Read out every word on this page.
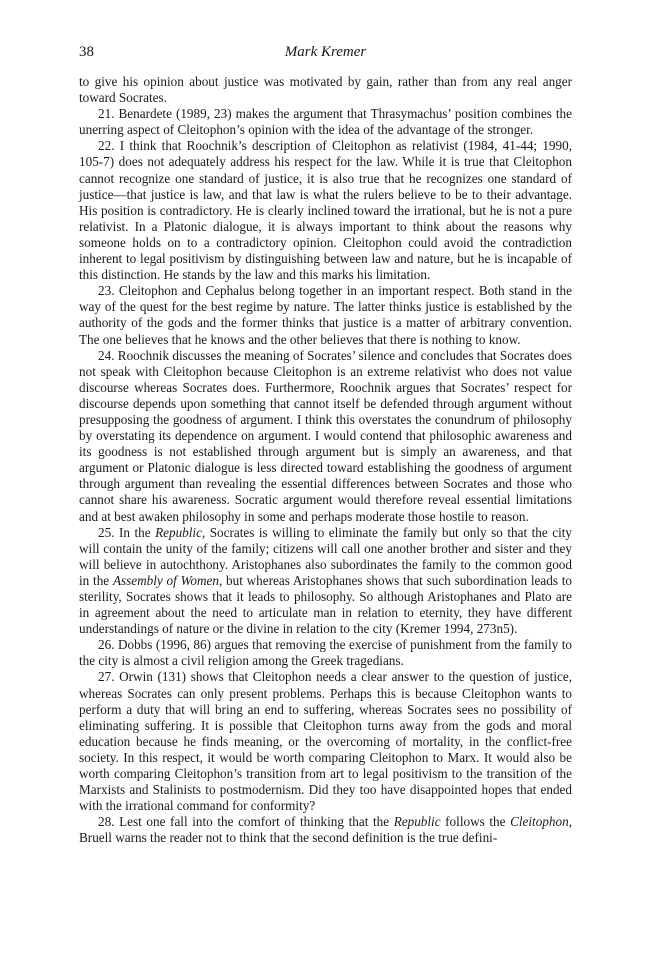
38	Mark Kremer

to give his opinion about justice was motivated by gain, rather than from any real anger toward Socrates.

21. Benardete (1989, 23) makes the argument that Thrasymachus’ position combines the unerring aspect of Cleitophon’s opinion with the idea of the advantage of the stronger.

22. I think that Roochnik’s description of Cleitophon as relativist (1984, 41-44; 1990, 105-7) does not adequately address his respect for the law. While it is true that Cleitophon cannot recognize one standard of justice, it is also true that he recognizes one standard of justice—that justice is law, and that law is what the rulers believe to be to their advantage. His position is contradictory. He is clearly inclined toward the irrational, but he is not a pure relativist. In a Platonic dialogue, it is always important to think about the reasons why someone holds on to a contradictory opinion. Cleitophon could avoid the contradiction inherent to legal positivism by distinguishing between law and nature, but he is incapable of this distinction. He stands by the law and this marks his limitation.

23. Cleitophon and Cephalus belong together in an important respect. Both stand in the way of the quest for the best regime by nature. The latter thinks justice is established by the authority of the gods and the former thinks that justice is a matter of arbitrary convention. The one believes that he knows and the other believes that there is nothing to know.

24. Roochnik discusses the meaning of Socrates’ silence and concludes that Socrates does not speak with Cleitophon because Cleitophon is an extreme relativist who does not value discourse whereas Socrates does. Furthermore, Roochnik argues that Socrates’ respect for discourse depends upon something that cannot itself be defended through argument without presupposing the goodness of argument. I think this overstates the conundrum of philosophy by overstating its dependence on argument. I would contend that philosophic awareness and its goodness is not established through argument but is simply an awareness, and that argument or Platonic dialogue is less directed toward establishing the goodness of argument through argument than revealing the essential differences between Socrates and those who cannot share his awareness. Socratic argument would therefore reveal essential limitations and at best awaken philosophy in some and perhaps moderate those hostile to reason.

25. In the Republic, Socrates is willing to eliminate the family but only so that the city will contain the unity of the family; citizens will call one another brother and sister and they will believe in autochthony. Aristophanes also subordinates the family to the common good in the Assembly of Women, but whereas Aristophanes shows that such subordination leads to sterility, Socrates shows that it leads to philosophy. So although Aristophanes and Plato are in agreement about the need to articulate man in relation to eternity, they have different understandings of nature or the divine in relation to the city (Kremer 1994, 273n5).

26. Dobbs (1996, 86) argues that removing the exercise of punishment from the family to the city is almost a civil religion among the Greek tragedians.

27. Orwin (131) shows that Cleitophon needs a clear answer to the question of justice, whereas Socrates can only present problems. Perhaps this is because Cleitophon wants to perform a duty that will bring an end to suffering, whereas Socrates sees no possibility of eliminating suffering. It is possible that Cleitophon turns away from the gods and moral education because he finds meaning, or the overcoming of mortality, in the conflict-free society. In this respect, it would be worth comparing Cleitophon to Marx. It would also be worth comparing Cleitophon’s transition from art to legal positivism to the transition of the Marxists and Stalinists to postmodernism. Did they too have disappointed hopes that ended with the irrational command for conformity?

28. Lest one fall into the comfort of thinking that the Republic follows the Cleitophon, Bruell warns the reader not to think that the second definition is the true defini-
